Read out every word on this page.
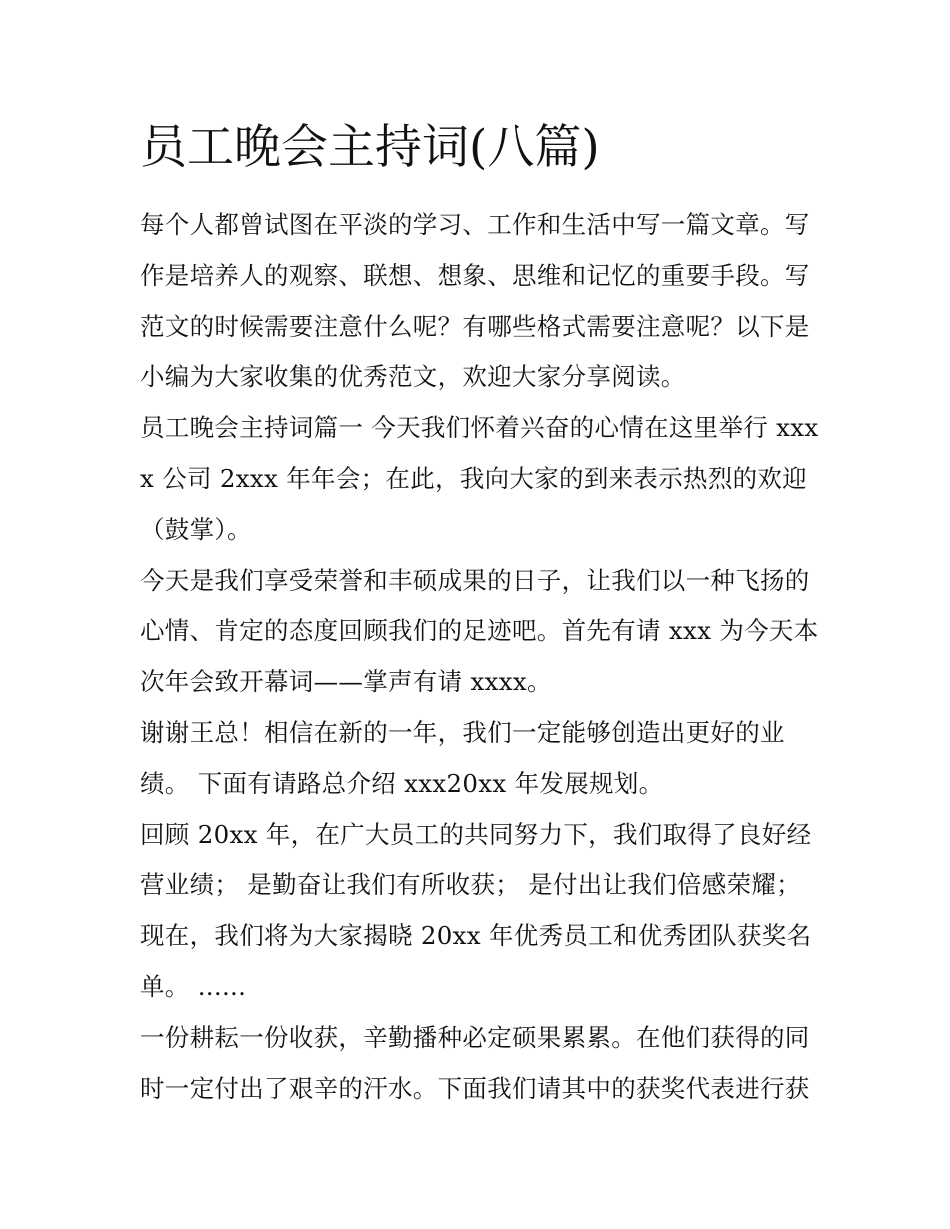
员工晚会主持词(八篇)

每个人都曾试图在平淡的学习、工作和生活中写一篇文章。写作是培养人的观察、联想、想象、思维和记忆的重要手段。写范文的时候需要注意什么呢？有哪些格式需要注意呢？以下是小编为大家收集的优秀范文，欢迎大家分享阅读。

员工晚会主持词篇一 今天我们怀着兴奋的心情在这里举行 xxxx 公司 2xxx 年年会；在此，我向大家的到来表示热烈的欢迎（鼓掌）。

今天是我们享受荣誉和丰硕成果的日子，让我们以一种飞扬的心情、肯定的态度回顾我们的足迹吧。首先有请 xxx 为今天本次年会致开幕词——掌声有请 xxxx。

谢谢王总！相信在新的一年，我们一定能够创造出更好的业绩。 下面有请路总介绍 xxx20xx 年发展规划。

回顾 20xx 年，在广大员工的共同努力下，我们取得了良好经营业绩； 是勤奋让我们有所收获； 是付出让我们倍感荣耀；现在，我们将为大家揭晓 20xx 年优秀员工和优秀团队获奖名单。 ......

一份耕耘一份收获，辛勤播种必定硕果累累。在他们获得的同时一定付出了艰辛的汗水。下面我们请其中的获奖代表进行获
